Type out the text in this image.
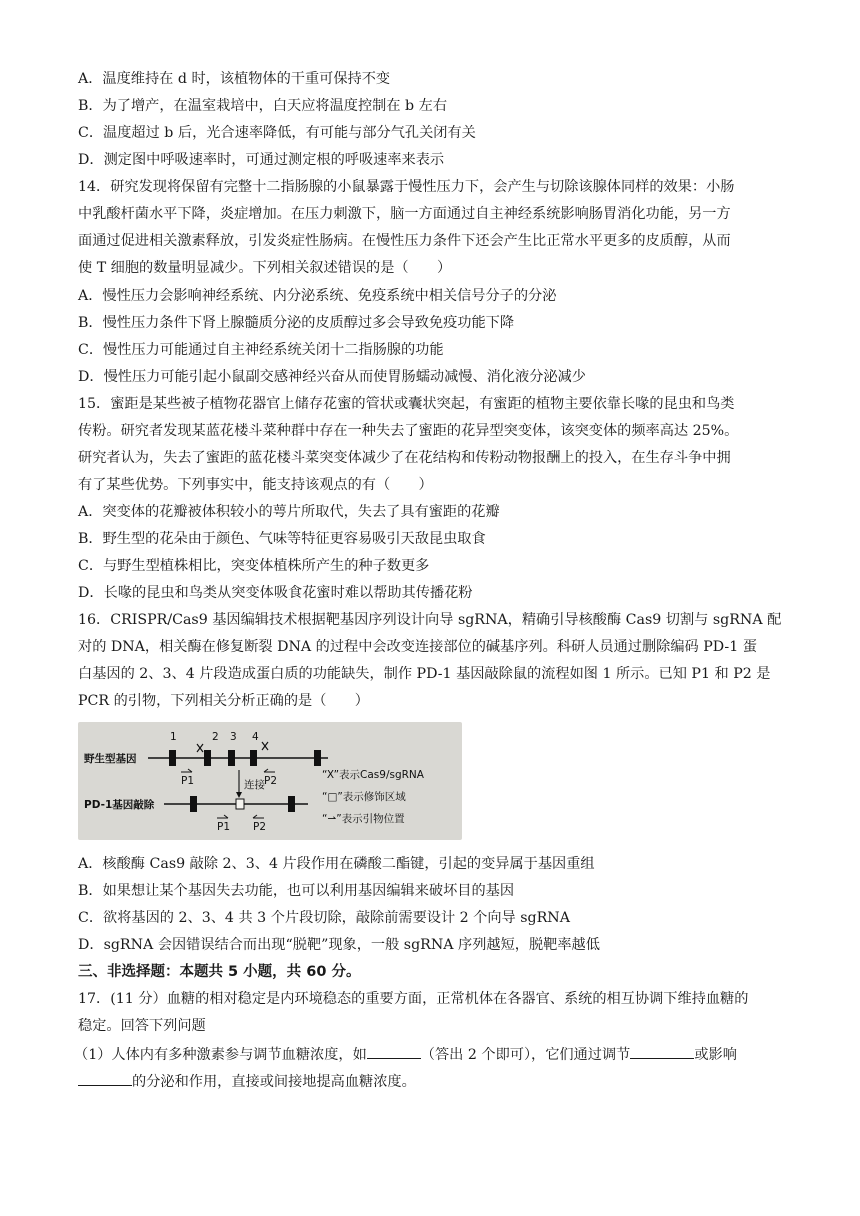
A．温度维持在 d 时，该植物体的干重可保持不变
B．为了增产，在温室栽培中，白天应将温度控制在 b 左右
C．温度超过 b 后，光合速率降低，有可能与部分气孔关闭有关
D．测定图中呼吸速率时，可通过测定根的呼吸速率来表示
14．研究发现将保留有完整十二指肠腺的小鼠暴露于慢性压力下，会产生与切除该腺体同样的效果：小肠
中乳酸杆菌水平下降，炎症增加。在压力刺激下，脑一方面通过自主神经系统影响肠胃消化功能，另一方
面通过促进相关激素释放，引发炎症性肠病。在慢性压力条件下还会产生比正常水平更多的皮质醇，从而
使 T 细胞的数量明显减少。下列相关叙述错误的是（　　）
A．慢性压力会影响神经系统、内分泌系统、免疫系统中相关信号分子的分泌
B．慢性压力条件下肾上腺髓质分泌的皮质醇过多会导致免疫功能下降
C．慢性压力可能通过自主神经系统关闭十二指肠腺的功能
D．慢性压力可能引起小鼠副交感神经兴奋从而使胃肠蠕动减慢、消化液分泌减少
15．蜜距是某些被子植物花器官上储存花蜜的管状或囊状突起，有蜜距的植物主要依靠长喙的昆虫和鸟类
传粉。研究者发现某蓝花楼斗菜种群中存在一种失去了蜜距的花异型突变体，该突变体的频率高达 25%。
研究者认为，失去了蜜距的蓝花楼斗菜突变体减少了在花结构和传粉动物报酬上的投入，在生存斗争中拥
有了某些优势。下列事实中，能支持该观点的有（　　）
A．突变体的花瓣被体积较小的萼片所取代，失去了具有蜜距的花瓣
B．野生型的花朵由于颜色、气味等特征更容易吸引天敌昆虫取食
C．与野生型植株相比，突变体植株所产生的种子数更多
D．长喙的昆虫和鸟类从突变体吸食花蜜时难以帮助其传播花粉
16．CRISPR/Cas9 基因编辑技术根据靶基因序列设计向导 sgRNA，精确引导核酸酶 Cas9 切割与 sgRNA 配
对的 DNA，相关酶在修复断裂 DNA 的过程中会改变连接部位的碱基序列。科研人员通过删除编码 PD-1 蛋
白基因的 2、3、4 片段造成蛋白质的功能缺失，制作 PD-1 基因敲除鼠的流程如图 1 所示。已知 P1 和 P2 是
PCR 的引物，下列相关分析正确的是（　　）
野生型基因
1	2 3 4
P1	P2
连接
PD-1基因敲除
P1 P2
“X”表示Cas9/sgRNA
“□”表示修饰区域
“⇀”表示引物位置
A．核酸酶 Cas9 敲除 2、3、4 片段作用在磷酸二酯键，引起的变异属于基因重组
B．如果想让某个基因失去功能，也可以利用基因编辑来破坏目的基因
C．欲将基因的 2、3、4 共 3 个片段切除，敲除前需要设计 2 个向导 sgRNA
D．sgRNA 会因错误结合而出现“脱靶”现象，一般 sgRNA 序列越短，脱靶率越低
三、非选择题：本题共 5 小题，共 60 分。
17．(11 分）血糖的相对稳定是内环境稳态的重要方面，正常机体在各器官、系统的相互协调下维持血糖的
稳定。回答下列问题
（1）人体内有多种激素参与调节血糖浓度，如	（答出 2 个即可），它们通过调节	或影响
的分泌和作用，直接或间接地提高血糖浓度。
